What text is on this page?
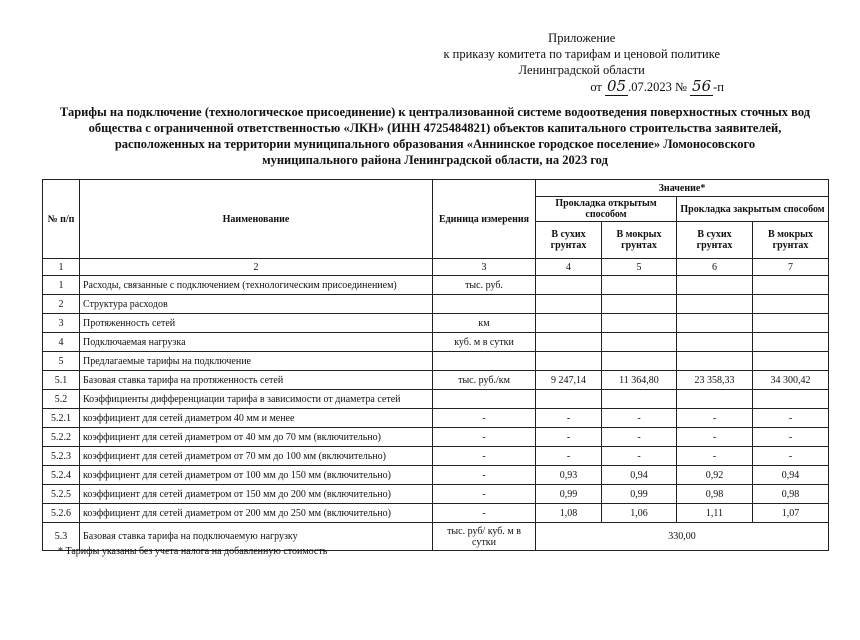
Приложение
к приказу комитета по тарифам и ценовой политике
Ленинградской области
от 05 .07.2023 № 56 -п
Тарифы на подключение (технологическое присоединение) к централизованной системе водоотведения поверхностных сточных вод
общества с ограниченной ответственностью «ЛКН» (ИНН 4725484821) объектов капитального строительства заявителей,
расположенных на территории муниципального образования «Аннинское городское поселение» Ломоносовского
муниципального района Ленинградской области, на 2023 год
№ п/п	Наименование	Единица измерения	Значение*			
			Прокладка открытым способом		Прокладка закрытым способом	
			В сухих грунтах	В мокрых грунтах	В сухих грунтах	В мокрых грунтах
1	2	3	4	5	6	7
1	Расходы, связанные с подключением (технологическим присоединением)	тыс. руб.				
2	Структура расходов					
3	Протяженность сетей	км				
4	Подключаемая нагрузка	куб. м в сутки				
5	Предлагаемые тарифы на подключение					
5.1	Базовая ставка тарифа на протяженность сетей	тыс. руб./км	9 247,14	11 364,80	23 358,33	34 300,42
5.2	Коэффициенты дифференциации тарифа в зависимости от диаметра сетей					
5.2.1	коэффициент для сетей диаметром 40 мм и менее	-	-	-	-	-
5.2.2	коэффициент для сетей диаметром от 40 мм до 70 мм (включительно)	-	-	-	-	-
5.2.3	коэффициент для сетей диаметром от 70 мм до 100 мм (включительно)	-	-	-	-	-
5.2.4	коэффициент для сетей диаметром от 100 мм до 150 мм (включительно)	-	0,93	0,94	0,92	0,94
5.2.5	коэффициент для сетей диаметром от 150 мм до 200 мм (включительно)	-	0,99	0,99	0,98	0,98
5.2.6	коэффициент для сетей диаметром от 200 мм до 250 мм (включительно)	-	1,08	1,06	1,11	1,07
5.3	Базовая ставка тарифа на подключаемую нагрузку	тыс. руб/ куб. м в сутки	330,00			
* Тарифы указаны без учета налога на добавленную стоимость
